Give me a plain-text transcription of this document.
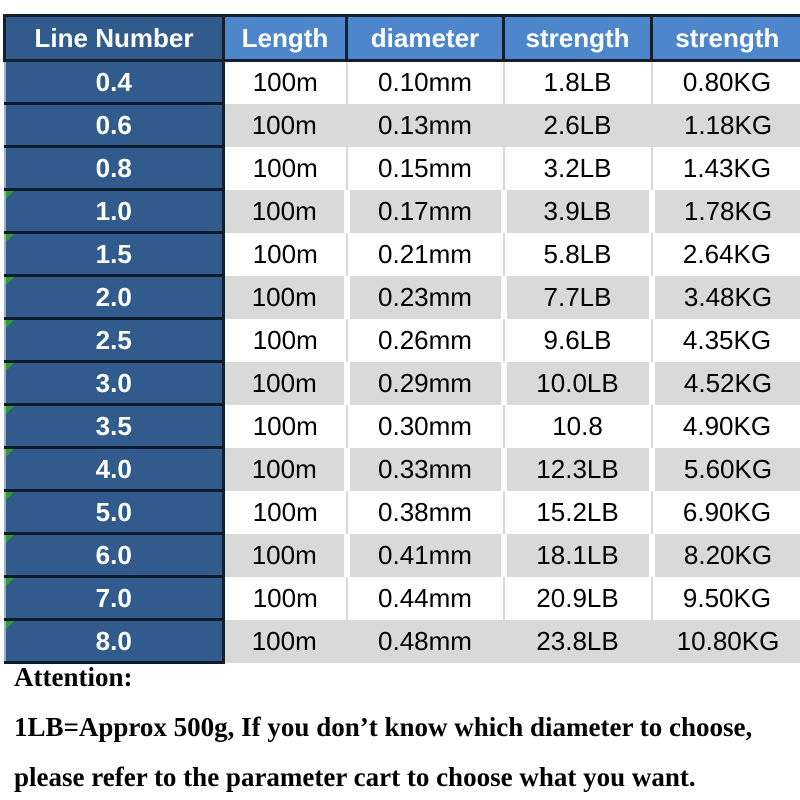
Line Number	Length	diameter	strength	strength
0.4	100m	0.10mm	1.8LB	0.80KG
0.6	100m	0.13mm	2.6LB	1.18KG
0.8	100m	0.15mm	3.2LB	1.43KG

1.0	100m	0.17mm	3.9LB	1.78KG

1.5	100m	0.21mm	5.8LB	2.64KG

2.0	100m	0.23mm	7.7LB	3.48KG

2.5	100m	0.26mm	9.6LB	4.35KG

3.0	100m	0.29mm	10.0LB	4.52KG

3.5	100m	0.30mm	10.8	4.90KG

4.0	100m	0.33mm	12.3LB	5.60KG

5.0	100m	0.38mm	15.2LB	6.90KG

6.0	100m	0.41mm	18.1LB	8.20KG

7.0	100m	0.44mm	20.9LB	9.50KG

8.0	100m	0.48mm	23.8LB	10.80KG

Attention:

1LB=Approx 500g, If you don’t know which diameter to choose,

please refer to the parameter cart to choose what you want.
